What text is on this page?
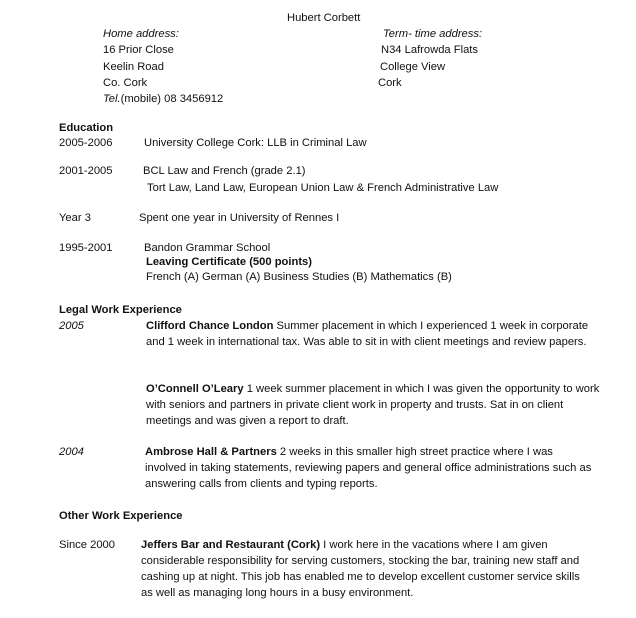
Hubert Corbett
Home address:
16 Prior Close
Keelin Road
Co. Cork
Tel.(mobile) 08 3456912
Term- time address:
N34 Lafrowda Flats
College View
Cork
Education
2005-2006	University College Cork: LLB in Criminal Law
2001-2005	BCL Law and French (grade 2.1)
Tort Law, Land Law, European Union Law & French Administrative Law
Year 3	Spent one year in University of Rennes I
1995-2001	Bandon Grammar School
Leaving Certificate (500 points)
French (A) German (A) Business Studies (B) Mathematics (B)
Legal Work Experience
2005	Clifford Chance London Summer placement in which I experienced 1 week in corporate and 1 week in international tax. Was able to sit in with client meetings and review papers.
O’Connell O’Leary 1 week summer placement in which I was given the opportunity to work with seniors and partners in private client work in property and trusts. Sat in on client meetings and was given a report to draft.
2004	Ambrose Hall & Partners 2 weeks in this smaller high street practice where I was involved in taking statements, reviewing papers and general office administrations such as answering calls from clients and typing reports.
Other Work Experience
Since 2000 Jeffers Bar and Restaurant (Cork) I work here in the vacations where I am given considerable responsibility for serving customers, stocking the bar, training new staff and cashing up at night. This job has enabled me to develop excellent customer service skills as well as managing long hours in a busy environment.
